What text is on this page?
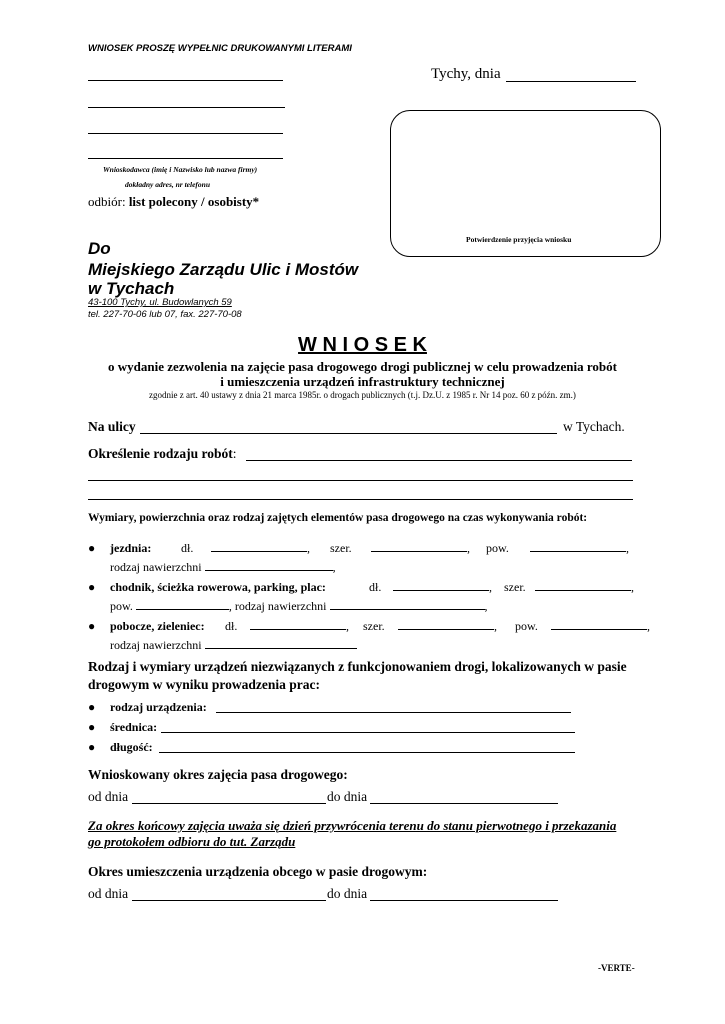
WNIOSEK PROSZĘ WYPEŁNIC DRUKOWANYMI LITERAMI
Wnioskodawca (imię i Nazwisko lub nazwa firmy)
dokładny adres, nr telefonu
odbiór: list polecony / osobisty*
Tychy, dnia
Potwierdzenie przyjęcia wniosku
Do
Miejskiego Zarządu Ulic i Mostów
w Tychach
43-100 Tychy, ul. Budowlanych 59
tel. 227-70-06 lub 07, fax. 227-70-08
W N I O S E K
o wydanie zezwolenia na zajęcie pasa drogowego drogi publicznej w celu prowadzenia robót
i umieszczenia urządzeń infrastruktury technicznej
zgodnie z art. 40 ustawy z dnia 21 marca 1985r. o drogach publicznych (t.j. Dz.U. z 1985 r. Nr 14 poz. 60 z późn. zm.)
Na ulicy	w Tychach.
Określenie rodzaju robót:
Wymiary, powierzchnia oraz rodzaj zajętych elementów pasa drogowego na czas wykonywania robót:
● jezdnia: dł.	, szer.	, pow.	,
rodzaj nawierzchni	,
● chodnik, ścieżka rowerowa, parking, plac:	dł.	, szer.	,
pow.	, rodzaj nawierzchni	,
● pobocze, zieleniec: dł.	, szer.	, pow.	,
rodzaj nawierzchni
Rodzaj i wymiary urządzeń niezwiązanych z funkcjonowaniem drogi, lokalizowanych w pasie
drogowym w wyniku prowadzenia prac:
● rodzaj urządzenia:
● średnica:
● długość:
Wnioskowany okres zajęcia pasa drogowego:
od dnia	do dnia
Za okres końcowy zajęcia uważa się dzień przywrócenia terenu do stanu pierwotnego i przekazania
go protokołem odbioru do tut. Zarządu
Okres umieszczenia urządzenia obcego w pasie drogowym:
od dnia	do dnia
-VERTE-
